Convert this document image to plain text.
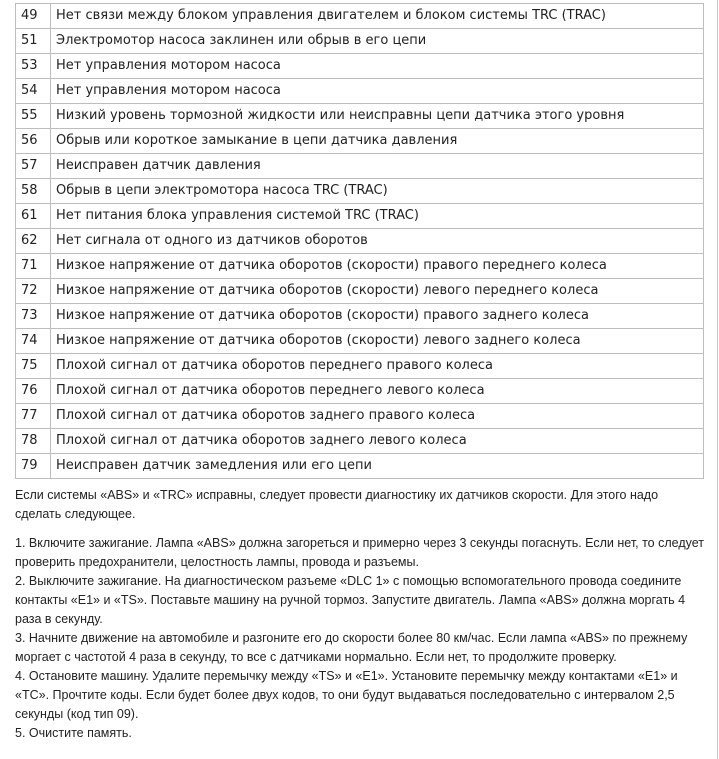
49	Нет связи между блоком управления двигателем и блоком системы TRC (TRAC)
51	Электромотор насоса заклинен или обрыв в его цепи
53	Нет управления мотором насоса
54	Нет управления мотором насоса
55	Низкий уровень тормозной жидкости или неисправны цепи датчика этого уровня
56	Обрыв или короткое замыкание в цепи датчика давления
57	Неисправен датчик давления
58	Обрыв в цепи электромотора насоса TRC (TRAC)
61	Нет питания блока управления системой TRC (TRAC)
62	Нет сигнала от одного из датчиков оборотов
71	Низкое напряжение от датчика оборотов (скорости) правого переднего колеса
72	Низкое напряжение от датчика оборотов (скорости) левого переднего колеса
73	Низкое напряжение от датчика оборотов (скорости) правого заднего колеса
74	Низкое напряжение от датчика оборотов (скорости) левого заднего колеса
75	Плохой сигнал от датчика оборотов переднего правого колеса
76	Плохой сигнал от датчика оборотов переднего левого колеса
77	Плохой сигнал от датчика оборотов заднего правого колеса
78	Плохой сигнал от датчика оборотов заднего левого колеса
79	Неисправен датчик замедления или его цепи

Если системы «ABS» и «TRC» исправны, следует провести диагностику их датчиков скорости. Для этого надо сделать следующее.

1. Включите зажигание. Лампа «ABS» должна загореться и примерно через 3 секунды погаснуть. Если нет, то следует проверить предохранители, целостность лампы, провода и разъемы.
2. Выключите зажигание. На диагностическом разъеме «DLC 1» с помощью вспомогательного провода соедините контакты «E1» и «TS». Поставьте машину на ручной тормоз. Запустите двигатель. Лампа «ABS» должна моргать 4 раза в секунду.
3. Начните движение на автомобиле и разгоните его до скорости более 80 км/час. Если лампа «ABS» по прежнему моргает с частотой 4 раза в секунду, то все с датчиками нормально. Если нет, то продолжите проверку.
4. Остановите машину. Удалите перемычку между «TS» и «E1». Установите перемычку между контактами «E1» и «TC». Прочтите коды. Если будет более двух кодов, то они будут выдаваться последовательно с интервалом 2,5 секунды (код тип 09).
5. Очистите память.
